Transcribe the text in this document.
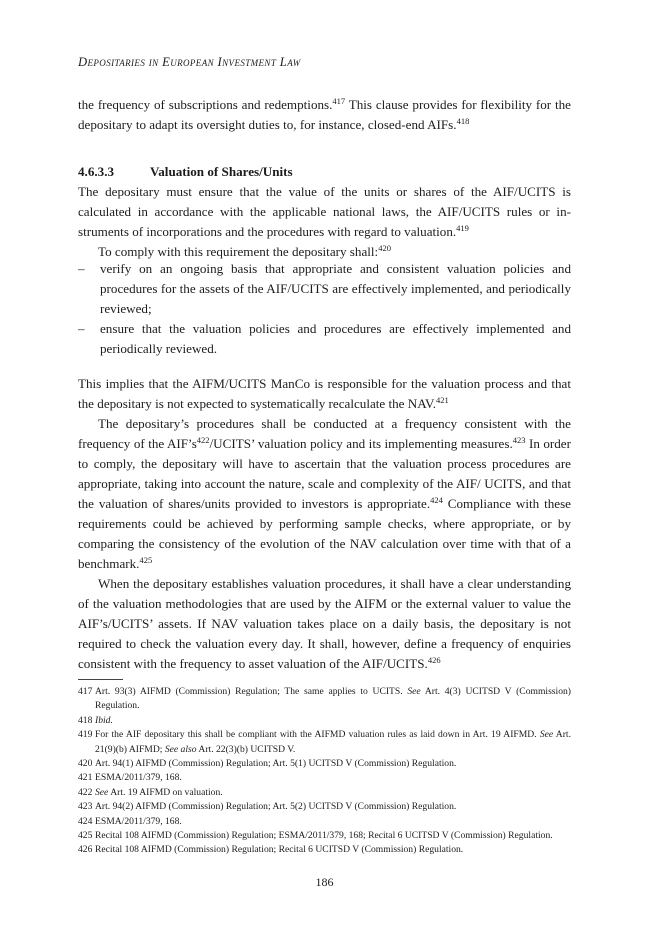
Depositaries in European Investment Law

the frequency of subscriptions and redemptions.$^{417}$ This clause provides for flexibility for the depositary to adapt its oversight duties to, for instance, closed-end AIFs.$^{418}$

4.6.3.3	Valuation of Shares/Units

The depositary must ensure that the value of the units or shares of the AIF/UCITS is calculated in accordance with the applicable national laws, the AIF/UCITS rules or instruments of incorporations and the procedures with regard to valuation.$^{419}$

To comply with this requirement the depositary shall:$^{420}$

– verify on an ongoing basis that appropriate and consistent valuation policies and procedures for the assets of the AIF/UCITS are effectively implemented, and periodically reviewed;
– ensure that the valuation policies and procedures are effectively implemented and periodically reviewed.

This implies that the AIFM/UCITS ManCo is responsible for the valuation process and that the depositary is not expected to systematically recalculate the NAV.$^{421}$

The depositary’s procedures shall be conducted at a frequency consistent with the frequency of the $AIF’s^{422}$/UCITS’ valuation policy and its implementing measures.$^{423}$ In order to comply, the depositary will have to ascertain that the valuation process procedures are appropriate, taking into account the nature, scale and complexity of the AIF/ UCITS, and that the valuation of shares/units provided to investors is appropriate.$^{424}$ Compliance with these requirements could be achieved by performing sample checks, where appropriate, or by comparing the consistency of the evolution of the NAV calculation over time with that of a benchmark.$^{425}$

When the depositary establishes valuation procedures, it shall have a clear understanding of the valuation methodologies that are used by the AIFM or the external valuer to value the AIF’s/UCITS’ assets. If NAV valuation takes place on a daily basis, the depositary is not required to check the valuation every day. It shall, however, define a frequency of enquiries consistent with the frequency to asset valuation of the AIF/UCITS.$^{426}$

417 Art. 93(3) AIFMD (Commission) Regulation; The same applies to UCITS. See Art. 4(3) UCITSD V (Commission) Regulation.
418 Ibid.
419 For the AIF depositary this shall be compliant with the AIFMD valuation rules as laid down in Art. 19 AIFMD. See Art. 21(9)(b) AIFMD; See also Art. 22(3)(b) UCITSD V.
420 Art. 94(1) AIFMD (Commission) Regulation; Art. 5(1) UCITSD V (Commission) Regulation.
421 ESMA/2011/379, 168.
422 See Art. 19 AIFMD on valuation.
423 Art. 94(2) AIFMD (Commission) Regulation; Art. 5(2) UCITSD V (Commission) Regulation.
424 ESMA/2011/379, 168.
425 Recital 108 AIFMD (Commission) Regulation; ESMA/2011/379, 168; Recital 6 UCITSD V (Commission) Regulation.
426 Recital 108 AIFMD (Commission) Regulation; Recital 6 UCITSD V (Commission) Regulation.
186
